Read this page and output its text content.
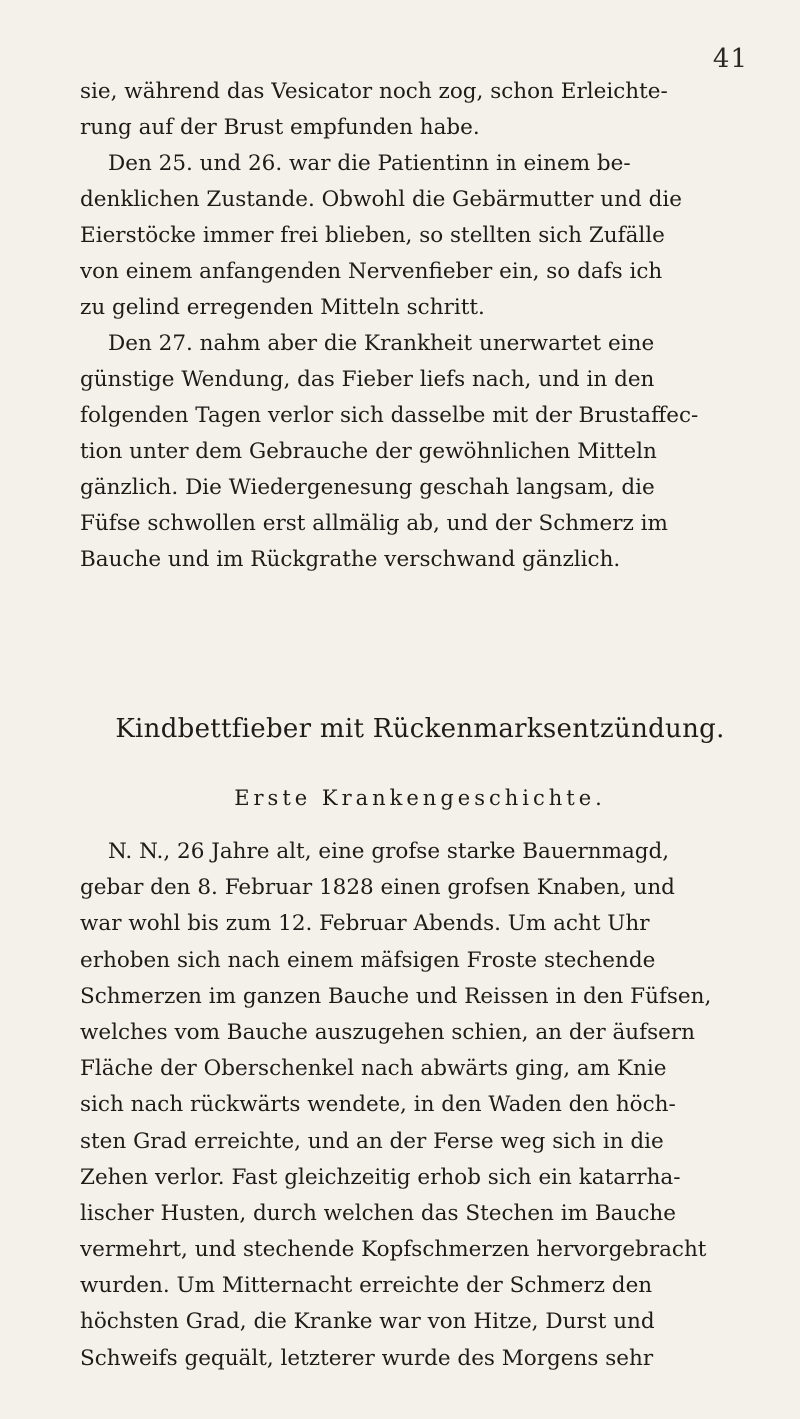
41
sie, während das Vesicator noch zog, schon Erleichte-
rung auf der Brust empfunden habe.
Den 25. und 26. war die Patientinn in einem be-
denklichen Zustande. Obwohl die Gebärmutter und die
Eierstöcke immer frei blieben, so stellten sich Zufälle
von einem anfangenden Nervenfieber ein, so dafs ich
zu gelind erregenden Mitteln schritt.
Den 27. nahm aber die Krankheit unerwartet eine
günstige Wendung, das Fieber liefs nach, und in den
folgenden Tagen verlor sich dasselbe mit der Brustaffec-
tion unter dem Gebrauche der gewöhnlichen Mitteln
gänzlich. Die Wiedergenesung geschah langsam, die
Füfse schwollen erst allmälig ab, und der Schmerz im
Bauche und im Rückgrathe verschwand gänzlich.
Kindbettfieber mit Rückenmarksentzündung.
Erste Krankengeschichte.
N. N., 26 Jahre alt, eine grofse starke Bauernmagd,
gebar den 8. Februar 1828 einen grofsen Knaben, und
war wohl bis zum 12. Februar Abends. Um acht Uhr
erhoben sich nach einem mäfsigen Froste stechende
Schmerzen im ganzen Bauche und Reissen in den Füfsen,
welches vom Bauche auszugehen schien, an der äufsern
Fläche der Oberschenkel nach abwärts ging, am Knie
sich nach rückwärts wendete, in den Waden den höch-
sten Grad erreichte, und an der Ferse weg sich in die
Zehen verlor. Fast gleichzeitig erhob sich ein katarrha-
lischer Husten, durch welchen das Stechen im Bauche
vermehrt, und stechende Kopfschmerzen hervorgebracht
wurden. Um Mitternacht erreichte der Schmerz den
höchsten Grad, die Kranke war von Hitze, Durst und
Schweifs gequält, letzterer wurde des Morgens sehr
